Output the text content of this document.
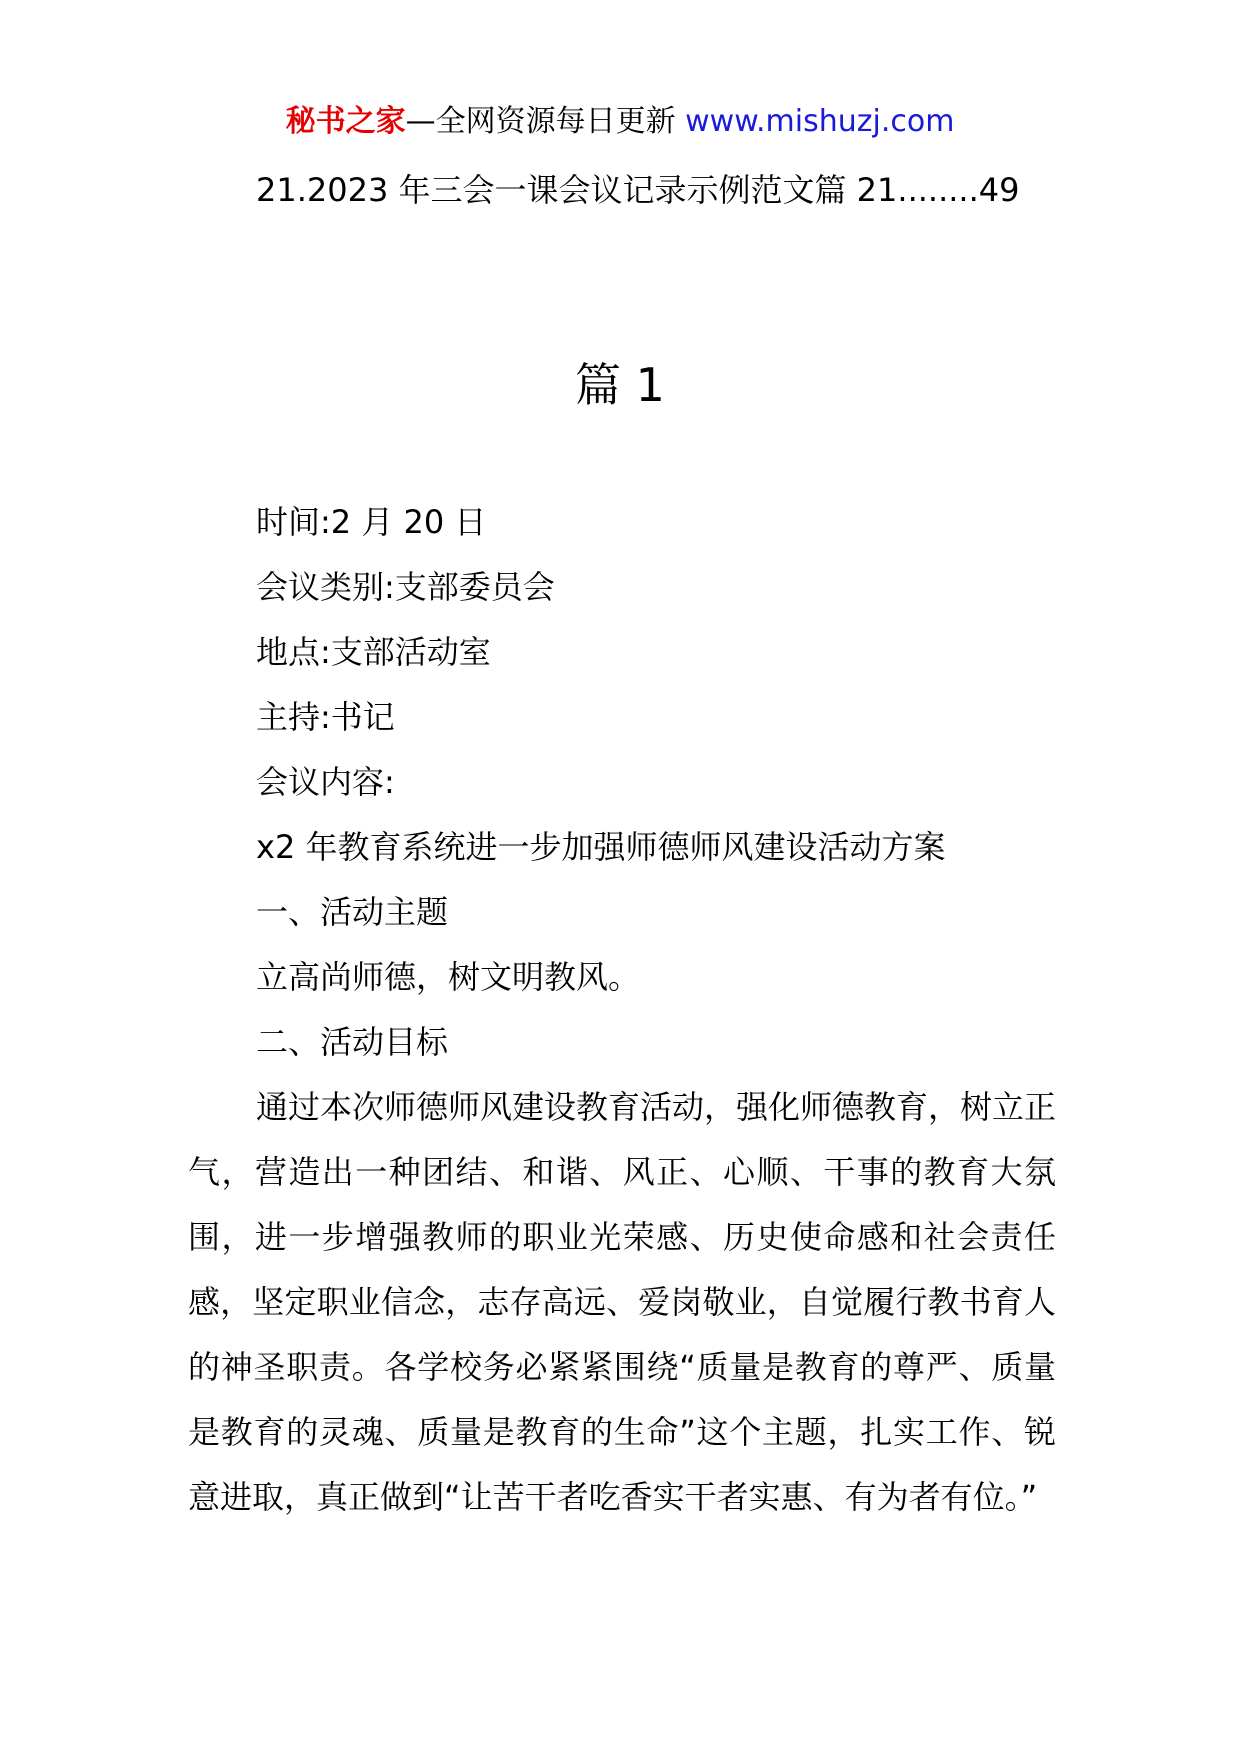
秘书之家—全网资源每日更新 www.mishuzj.com
21.2023 年三会一课会议记录示例范文篇 21........49
篇 1
时间:2 月 20 日
会议类别:支部委员会
地点:支部活动室
主持:书记
会议内容:
x2 年教育系统进一步加强师德师风建设活动方案
一、活动主题
立高尚师德，树文明教风。
二、活动目标

通过本次师德师风建设教育活动，强化师德教育，树立正气，营造出一种团结、和谐、风正、心顺、干事的教育大氛围，进一步增强教师的职业光荣感、历史使命感和社会责任感，坚定职业信念，志存高远、爱岗敬业，自觉履行教书育人的神圣职责。各学校务必紧紧围绕“质量是教育的尊严、质量是教育的灵魂、质量是教育的生命”这个主题，扎实工作、锐意进取，真正做到“让苦干者吃香实干者实惠、有为者有位。”
